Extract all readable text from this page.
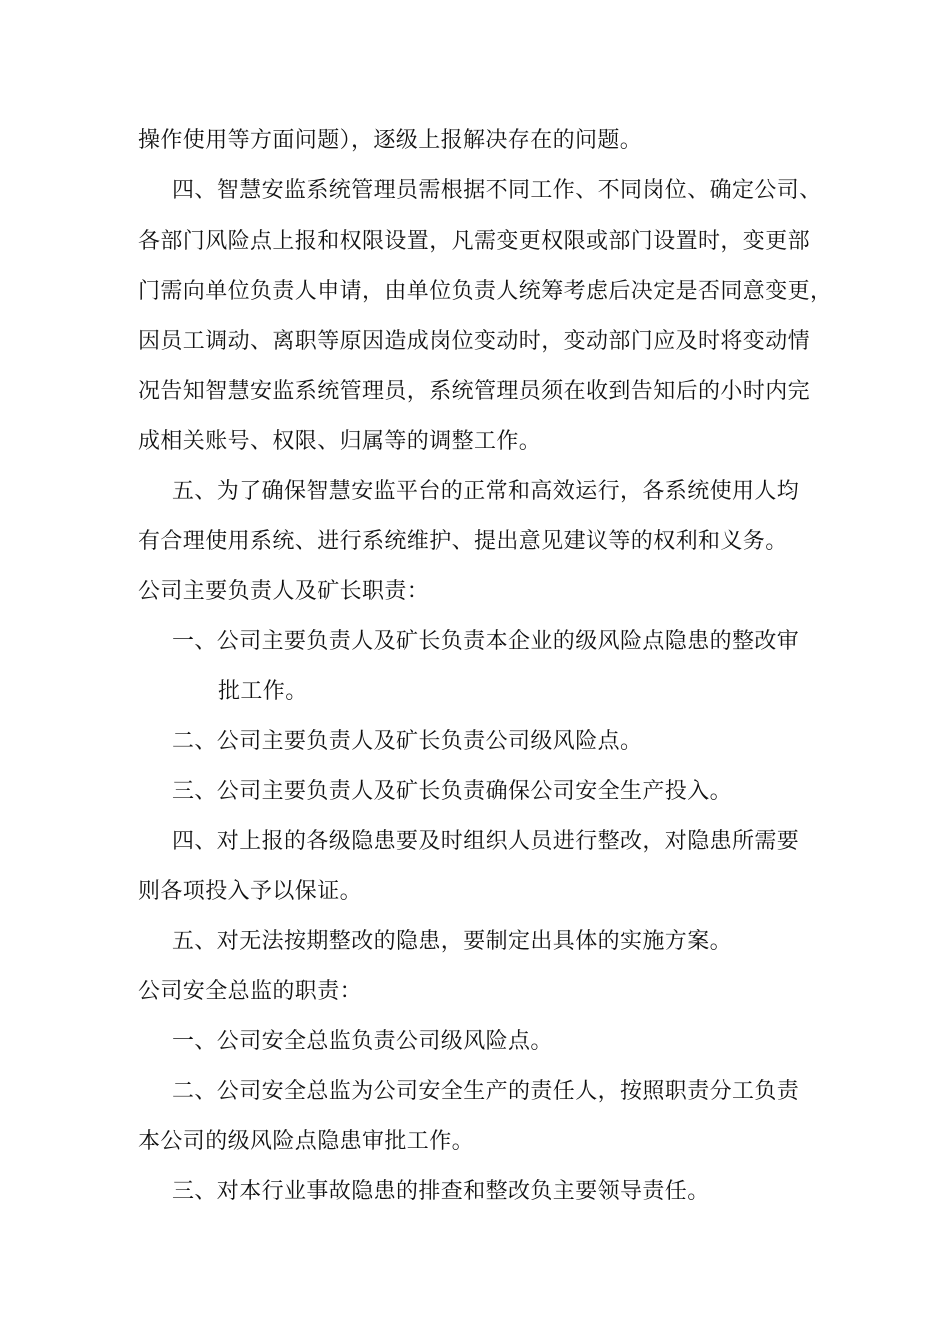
操作使用等方面问题），逐级上报解决存在的问题。
四、智慧安监系统管理员需根据不同工作、不同岗位、确定公司、
各部门风险点上报和权限设置，凡需变更权限或部门设置时，变更部
门需向单位负责人申请，由单位负责人统筹考虑后决定是否同意变更，
因员工调动、离职等原因造成岗位变动时，变动部门应及时将变动情
况告知智慧安监系统管理员，系统管理员须在收到告知后的小时内完
成相关账号、权限、归属等的调整工作。
五、为了确保智慧安监平台的正常和高效运行，各系统使用人均
有合理使用系统、进行系统维护、提出意见建议等的权利和义务。
公司主要负责人及矿长职责：
一、公司主要负责人及矿长负责本企业的级风险点隐患的整改审
批工作。
二、公司主要负责人及矿长负责公司级风险点。
三、公司主要负责人及矿长负责确保公司安全生产投入。
四、对上报的各级隐患要及时组织人员进行整改，对隐患所需要
则各项投入予以保证。
五、对无法按期整改的隐患，要制定出具体的实施方案。
公司安全总监的职责：
一、公司安全总监负责公司级风险点。
二、公司安全总监为公司安全生产的责任人，按照职责分工负责
本公司的级风险点隐患审批工作。
三、对本行业事故隐患的排查和整改负主要领导责任。
